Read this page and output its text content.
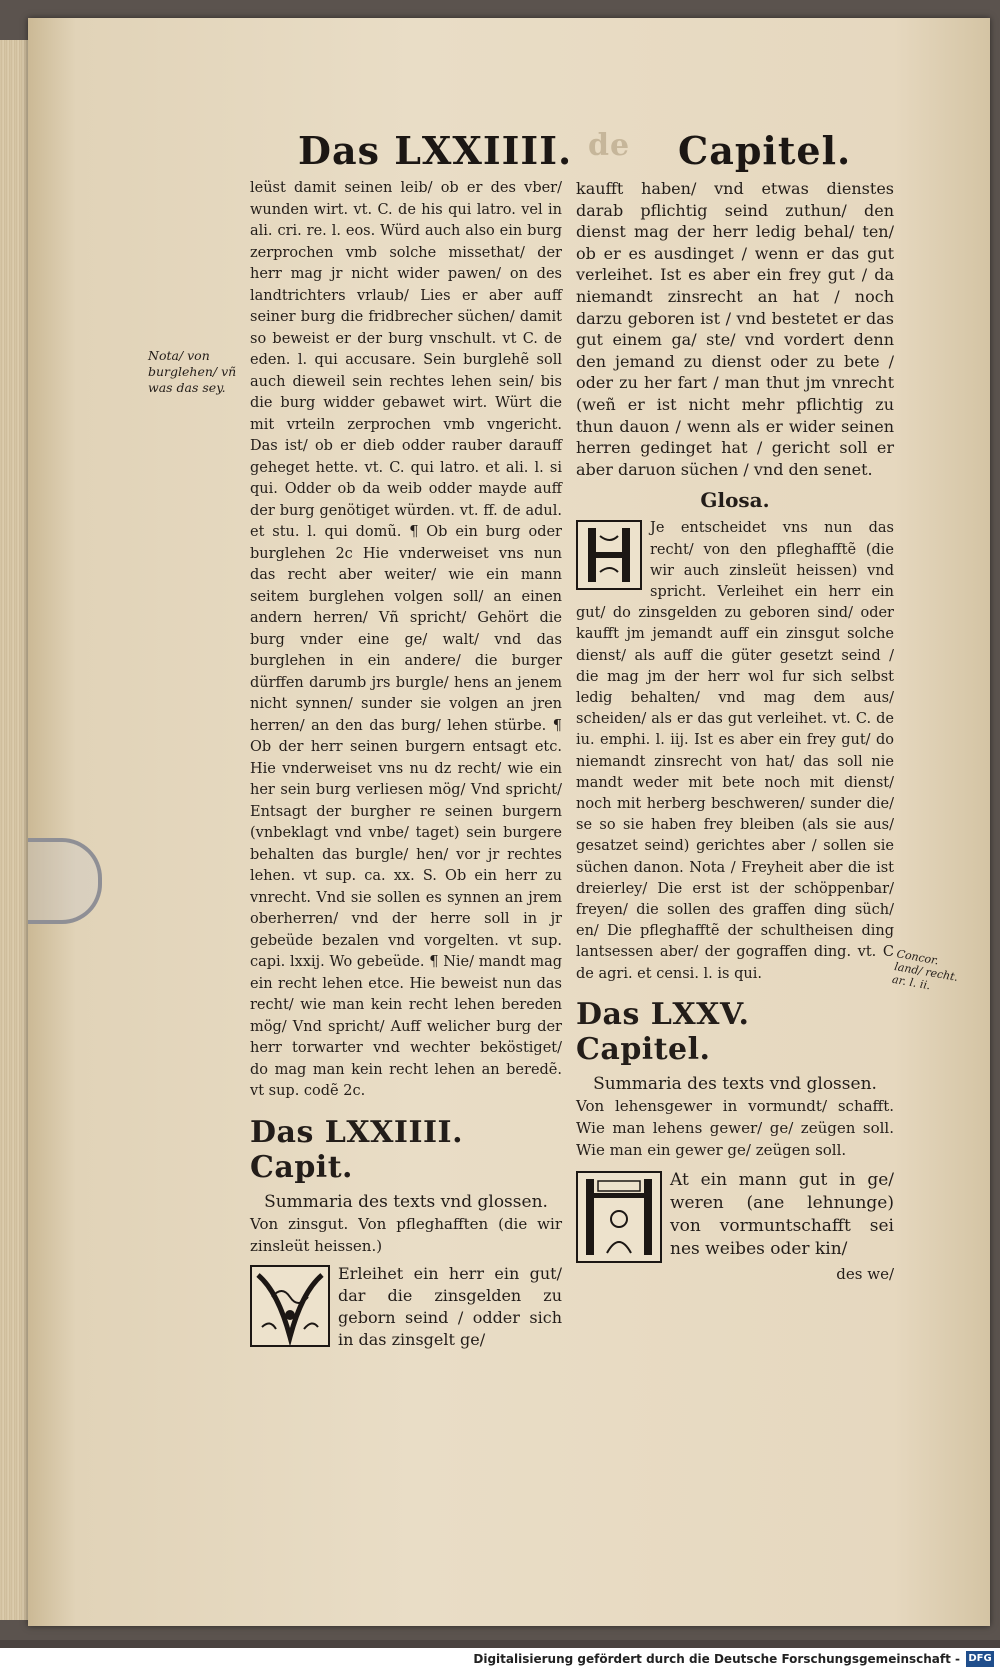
Das LXXIIII. de Capitel.
Nota/ von burglehen/ vñ was das sey.
Concor. land/ recht. ar. l. ii.

leüst damit seinen leib/ ob er des vber/ wunden wirt. vt. C. de his qui latro. vel in ali. cri. re. l. eos. Würd auch also ein burg zerprochen vmb solche missethat/ der herr mag jr nicht wider pawen/ on des landtrichters vrlaub/ Lies er aber auff seiner burg die fridbrecher süchen/ damit so beweist er der burg vnschult. vt C. de eden. l. qui accusare. Sein burglehẽ soll auch dieweil sein rechtes lehen sein/ bis die burg widder gebawet wirt. Würt die mit vrteiln zerprochen vmb vngericht. Das ist/ ob er dieb odder rauber darauff geheget hette. vt. C. qui latro. et ali. l. si qui. Odder ob da weib odder mayde auff der burg genötiget würden. vt. ff. de adul. et stu. l. qui domũ. ¶ Ob ein burg oder burglehen 2c Hie vnderweiset vns nun das recht aber weiter/ wie ein mann seitem burglehen volgen soll/ an einen andern herren/ Vñ spricht/ Gehört die burg vnder eine ge/ walt/ vnd das burglehen in ein andere/ die burger dürffen darumb jrs burgle/ hens an jenem nicht synnen/ sunder sie volgen an jren herren/ an den das burg/ lehen stürbe. ¶ Ob der herr seinen burgern entsagt etc. Hie vnderweiset vns nu dz recht/ wie ein her sein burg verliesen mög/ Vnd spricht/ Entsagt der burgher re seinen burgern (vnbeklagt vnd vnbe/ taget) sein burgere behalten das burgle/ hen/ vor jr rechtes lehen. vt sup. ca. xx. S. Ob ein herr zu vnrecht. Vnd sie sollen es synnen an jrem oberherren/ vnd der herre soll in jr gebeüde bezalen vnd vorgelten. vt sup. capi. lxxij. Wo gebeüde. ¶ Nie/ mandt mag ein recht lehen etce. Hie beweist nun das recht/ wie man kein recht lehen bereden mög/ Vnd spricht/ Auff welicher burg der herr torwarter vnd wechter beköstiget/ do mag man kein recht lehen an beredẽ. vt sup. codẽ 2c.

Das LXXIIII. Capit.
Summaria des texts vnd glossen.

Von zinsgut. Von pfleghafften (die wir zinsleüt heissen.)

Erleihet ein herr ein gut/ dar die zinsgelden zu geborn seind / odder sich in das zinsgelt ge/

kaufft haben/ vnd etwas dienstes darab pflichtig seind zuthun/ den dienst mag der herr ledig behal/ ten/ ob er es ausdinget / wenn er das gut verleihet. Ist es aber ein frey gut / da niemandt zinsrecht an hat / noch darzu geboren ist / vnd bestetet er das gut einem ga/ ste/ vnd vordert denn den jemand zu dienst oder zu bete / oder zu her fart / man thut jm vnrecht (weñ er ist nicht mehr pflichtig zu thun dauon / wenn als er wider seinen herren gedinget hat / gericht soll er aber daruon süchen / vnd den senet.

Glosa.

Je entscheidet vns nun das recht/ von den pfleghafftẽ (die wir auch zinsleüt heissen) vnd spricht. Verleihet ein herr ein gut/ do zinsgelden zu geboren sind/ oder kaufft jm jemandt auff ein zinsgut solche dienst/ als auff die güter gesetzt seind / die mag jm der herr wol fur sich selbst ledig behalten/ vnd mag dem aus/ scheiden/ als er das gut verleihet. vt. C. de iu. emphi. l. iij. Ist es aber ein frey gut/ do niemandt zinsrecht von hat/ das soll nie mandt weder mit bete noch mit dienst/ noch mit herberg beschweren/ sunder die/ se so sie haben frey bleiben (als sie aus/ gesatzet seind) gerichtes aber / sollen sie süchen danon. Nota / Freyheit aber die ist dreierley/ Die erst ist der schöppenbar/ freyen/ die sollen des graffen ding süch/ en/ Die pfleghafftẽ der schultheisen ding lantsessen aber/ der gograffen ding. vt. C de agri. et censi. l. is qui.

Das LXXV. Capitel.
Summaria des texts vnd glossen.

Von lehensgewer in vormundt/ schafft. Wie man lehens gewer/ ge/ zeügen soll. Wie man ein gewer ge/ zeügen soll.

At ein mann gut in ge/ weren (ane lehnunge) von vormuntschafft sei nes weibes oder kin/

des we/
Digitalisierung gefördert durch die Deutsche Forschungsgemeinschaft - DFG
